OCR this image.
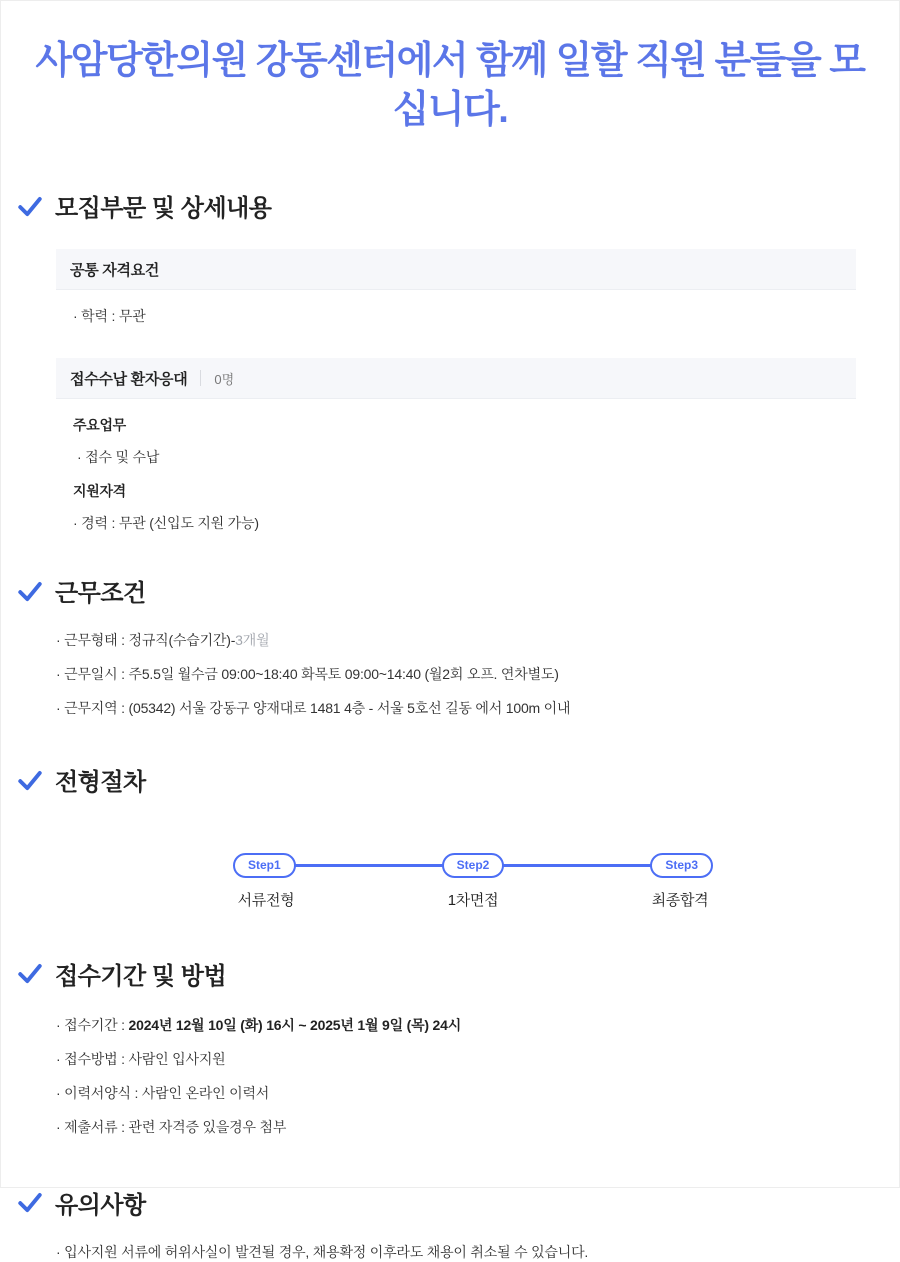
사암당한의원 강동센터에서 함께 일할 직원 분들을 모십니다.
모집부문 및 상세내용
공통 자격요건
· 학력 : 무관
접수수납 환자응대 0명
주요업무
· 접수 및 수납
지원자격
· 경력 : 무관 (신입도 지원 가능)
근무조건
· 근무형태 : 정규직(수습기간)-3개월
· 근무일시 : 주5.5일 월수금 09:00~18:40 화목토 09:00~14:40 (월2회 오프. 연차별도)
· 근무지역 : (05342) 서울 강동구 양재대로 1481 4층 - 서울 5호선 길동 에서 100m 이내
전형절차
Step1	Step2	Step3
서류전형	1차면접	최종합격
접수기간 및 방법
· 접수기간 : 2024년 12월 10일 (화) 16시 ~ 2025년 1월 9일 (목) 24시
· 접수방법 : 사람인 입사지원
· 이력서양식 : 사람인 온라인 이력서
· 제출서류 : 관련 자격증 있을경우 첨부
유의사항
· 입사지원 서류에 허위사실이 발견될 경우, 채용확정 이후라도 채용이 취소될 수 있습니다.
